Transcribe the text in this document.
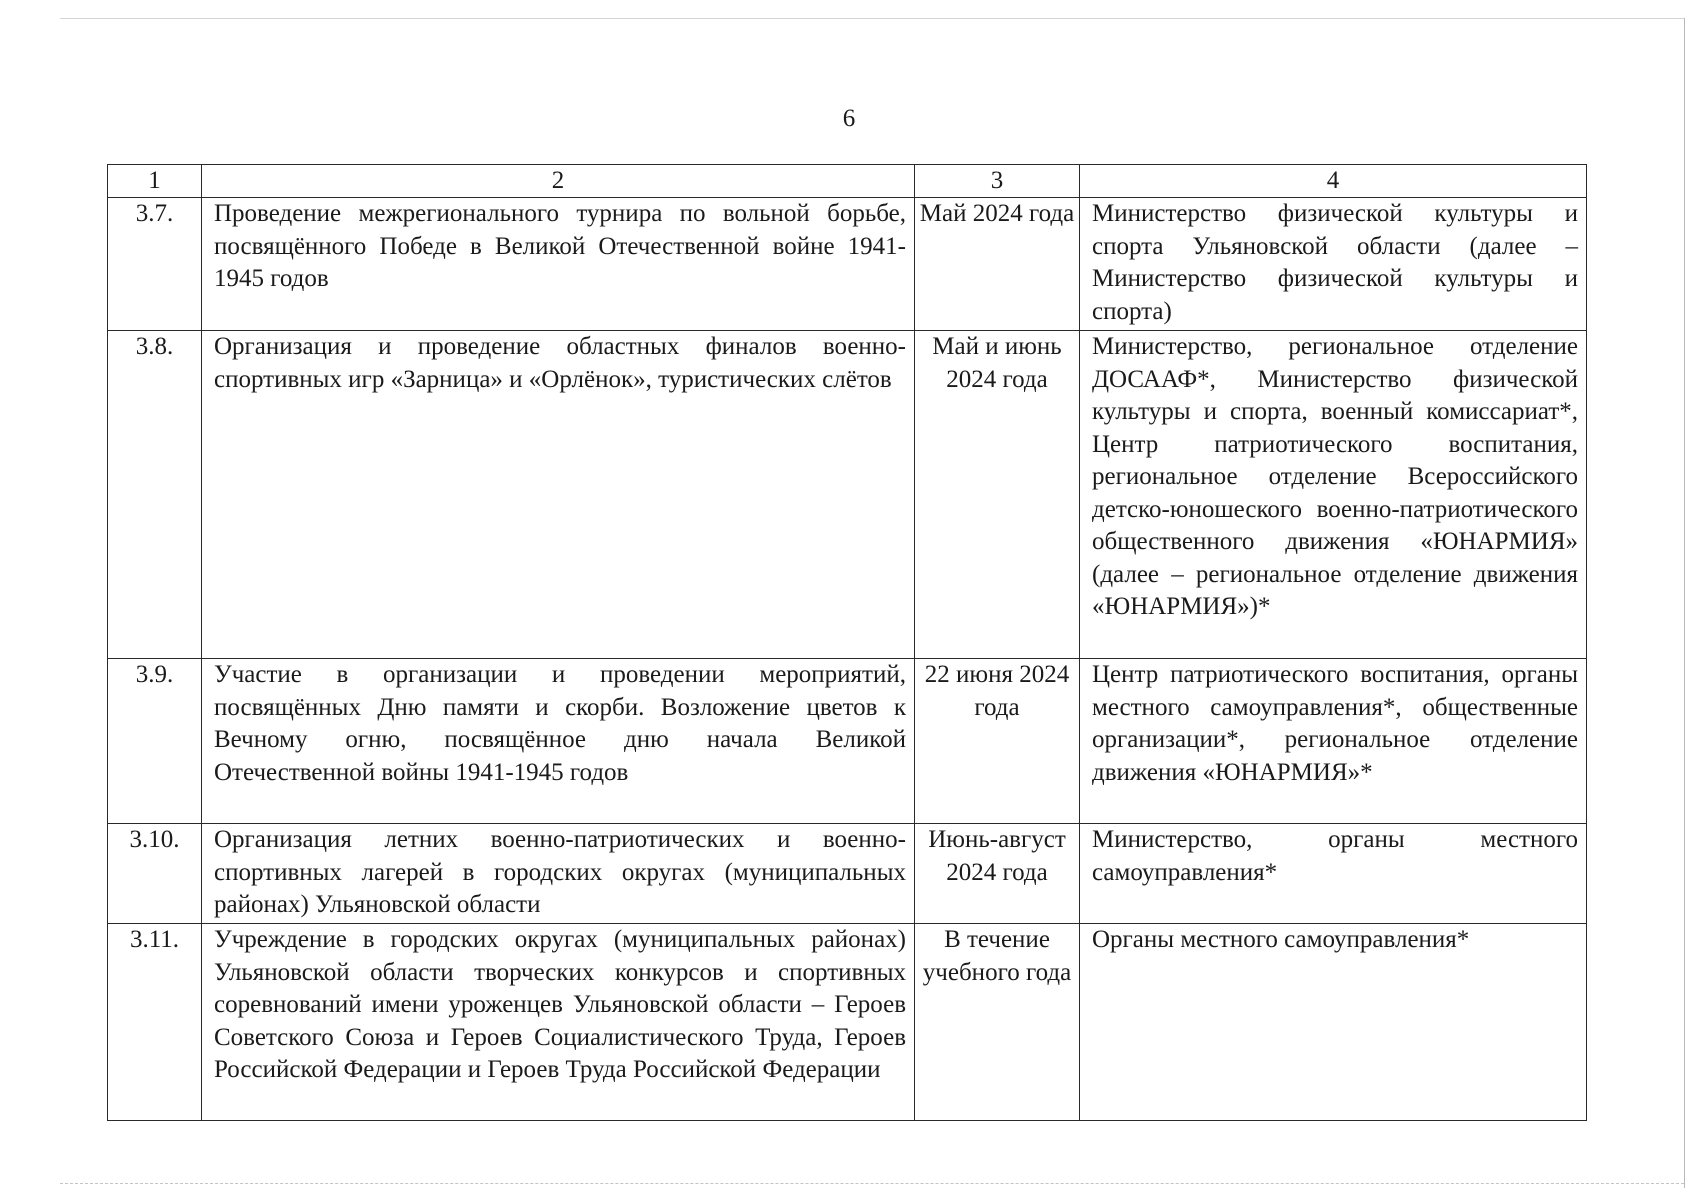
6
1	2	3	4
3.7.	Проведение межрегионального турнира по вольной борьбе, посвящённого Победе в Великой Отечественной войне 1941-1945 годов	Май 2024 года	Министерство физической культуры и спорта Ульяновской области (далее – Министерство физической культуры и спорта)
3.8.	Организация и проведение областных финалов военно-спортивных игр «Зарница» и «Орлёнок», туристических слётов	Май и июнь 2024 года	Министерство, региональное отделение ДОСААФ*, Министерство физической культуры и спорта, военный комиссариат*, Центр патриотического воспитания, региональное отделение Всероссийского детско-юношеского военно-патриотического общественного движения «ЮНАРМИЯ» (далее – региональное отделение движения «ЮНАРМИЯ»)*
3.9.	Участие в организации и проведении мероприятий, посвящённых Дню памяти и скорби. Возложение цветов к Вечному огню, посвящённое дню начала Великой Отечественной войны 1941-1945 годов	22 июня 2024 года	Центр патриотического воспитания, органы местного самоуправления*, общественные организации*, региональное отделение движения «ЮНАРМИЯ»*
3.10.	Организация летних военно-патриотических и военно-спортивных лагерей в городских округах (муниципальных районах) Ульяновской области	Июнь-август 2024 года	Министерство, органы местного самоуправления*
3.11.	Учреждение в городских округах (муниципальных районах) Ульяновской области творческих конкурсов и спортивных соревнований имени уроженцев Ульяновской области – Героев Советского Союза и Героев Социалистического Труда, Героев Российской Федерации и Героев Труда Российской Федерации	В течение учебного года	Органы местного самоуправления*
